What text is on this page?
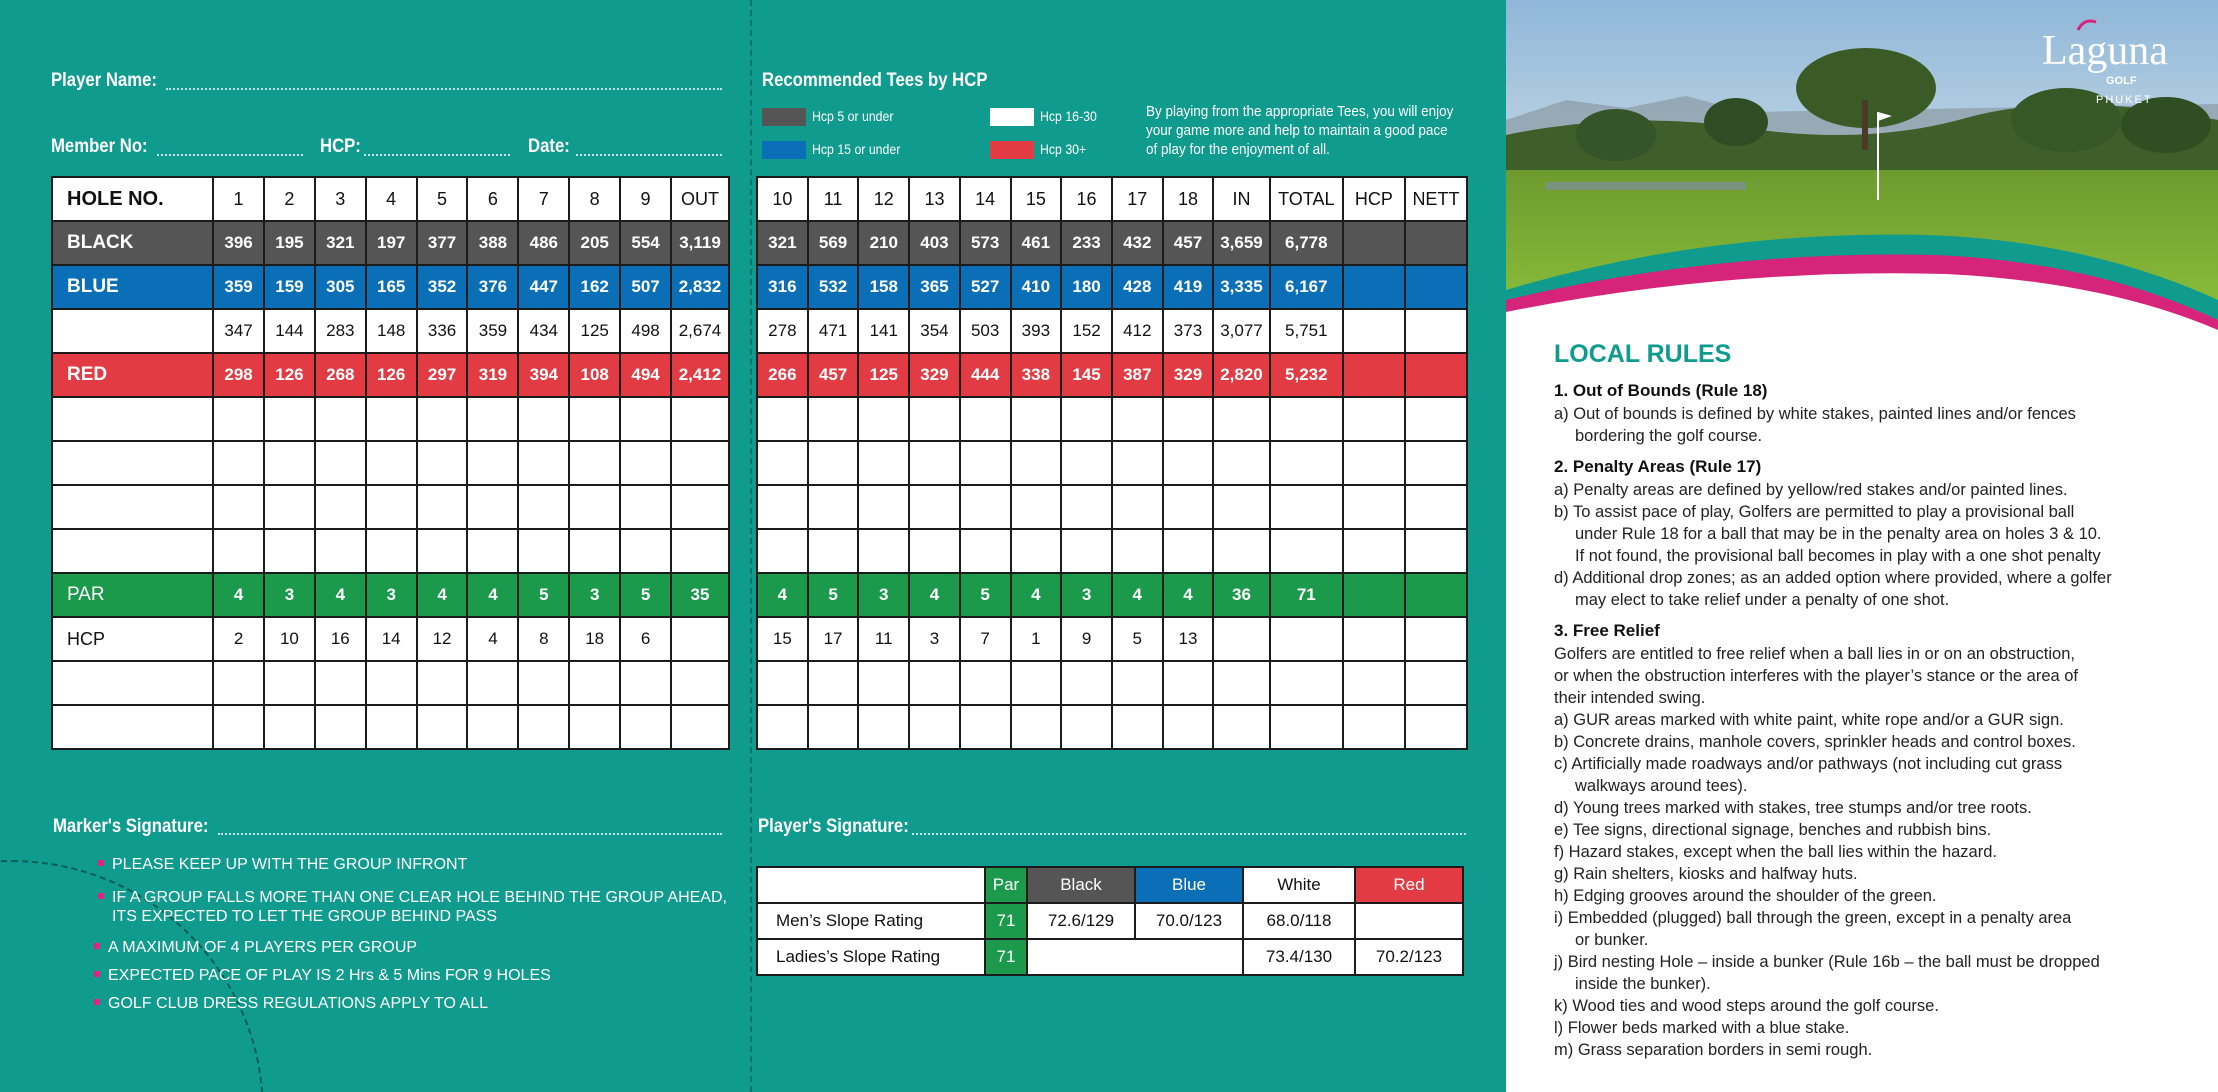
Player Name:
Member No:	HCP:	Date:
Recommended Tees by HCP
Hcp 5 or under	Hcp 16-30
Hcp 15 or under	Hcp 30+
By playing from the appropriate Tees, you will enjoy your game more and help to maintain a good pace of play for the enjoyment of all.
HOLE NO.	1	2	3	4	5	6	7	8	9	OUT
BLACK	396	195	321	197	377	388	486	205	554	3,119
BLUE	359	159	305	165	352	376	447	162	507	2,832
	347	144	283	148	336	359	434	125	498	2,674
RED	298	126	268	126	297	319	394	108	494	2,412

PAR	4	3	4	3	4	4	5	3	5	35
HCP	2	10	16	14	12	4	8	18	6	

10	11	12	13	14	15	16	17	18	IN	TOTAL	HCP	NETT
321	569	210	403	573	461	233	432	457	3,659	6,778		
316	532	158	365	527	410	180	428	419	3,335	6,167		
278	471	141	354	503	393	152	412	373	3,077	5,751		
266	457	125	329	444	338	145	387	329	2,820	5,232		

4	5	3	4	5	4	3	4	4	36	71		
15	17	11	3	7	1	9	5	13				

Marker's Signature:	Player's Signature:
PLEASE KEEP UP WITH THE GROUP INFRONT
IF A GROUP FALLS MORE THAN ONE CLEAR HOLE BEHIND THE GROUP AHEAD,
ITS EXPECTED TO LET THE GROUP BEHIND PASS
A MAXIMUM OF 4 PLAYERS PER GROUP
EXPECTED PACE OF PLAY IS 2 Hrs & 5 Mins FOR 9 HOLES
GOLF CLUB DRESS REGULATIONS APPLY TO ALL
	Par	Black	Blue	White	Red
Men’s Slope Rating	71	72.6/129	70.0/123	68.0/118	
Ladies’s Slope Rating	71			73.4/130	70.2/123
Laguna
GOLF
PHUKET
LOCAL RULES
1. Out of Bounds (Rule 18)

a) Out of bounds is defined by white stakes, painted lines and/or fences

bordering the golf course.

2. Penalty Areas (Rule 17)

a) Penalty areas are defined by yellow/red stakes and/or painted lines.

b) To assist pace of play, Golfers are permitted to play a provisional ball

under Rule 18 for a ball that may be in the penalty area on holes 3 & 10.

If not found, the provisional ball becomes in play with a one shot penalty

d) Additional drop zones; as an added option where provided, where a golfer

may elect to take relief under a penalty of one shot.

3. Free Relief

Golfers are entitled to free relief when a ball lies in or on an obstruction,

or when the obstruction interferes with the player’s stance or the area of

their intended swing.

a) GUR areas marked with white paint, white rope and/or a GUR sign.

b) Concrete drains, manhole covers, sprinkler heads and control boxes.

c) Artificially made roadways and/or pathways (not including cut grass

walkways around tees).

d) Young trees marked with stakes, tree stumps and/or tree roots.

e) Tee signs, directional signage, benches and rubbish bins.

f) Hazard stakes, except when the ball lies within the hazard.

g) Rain shelters, kiosks and halfway huts.

h) Edging grooves around the shoulder of the green.

i) Embedded (plugged) ball through the green, except in a penalty area

or bunker.

j) Bird nesting Hole – inside a bunker (Rule 16b – the ball must be dropped

inside the bunker).

k) Wood ties and wood steps around the golf course.

l) Flower beds marked with a blue stake.

m) Grass separation borders in semi rough.
